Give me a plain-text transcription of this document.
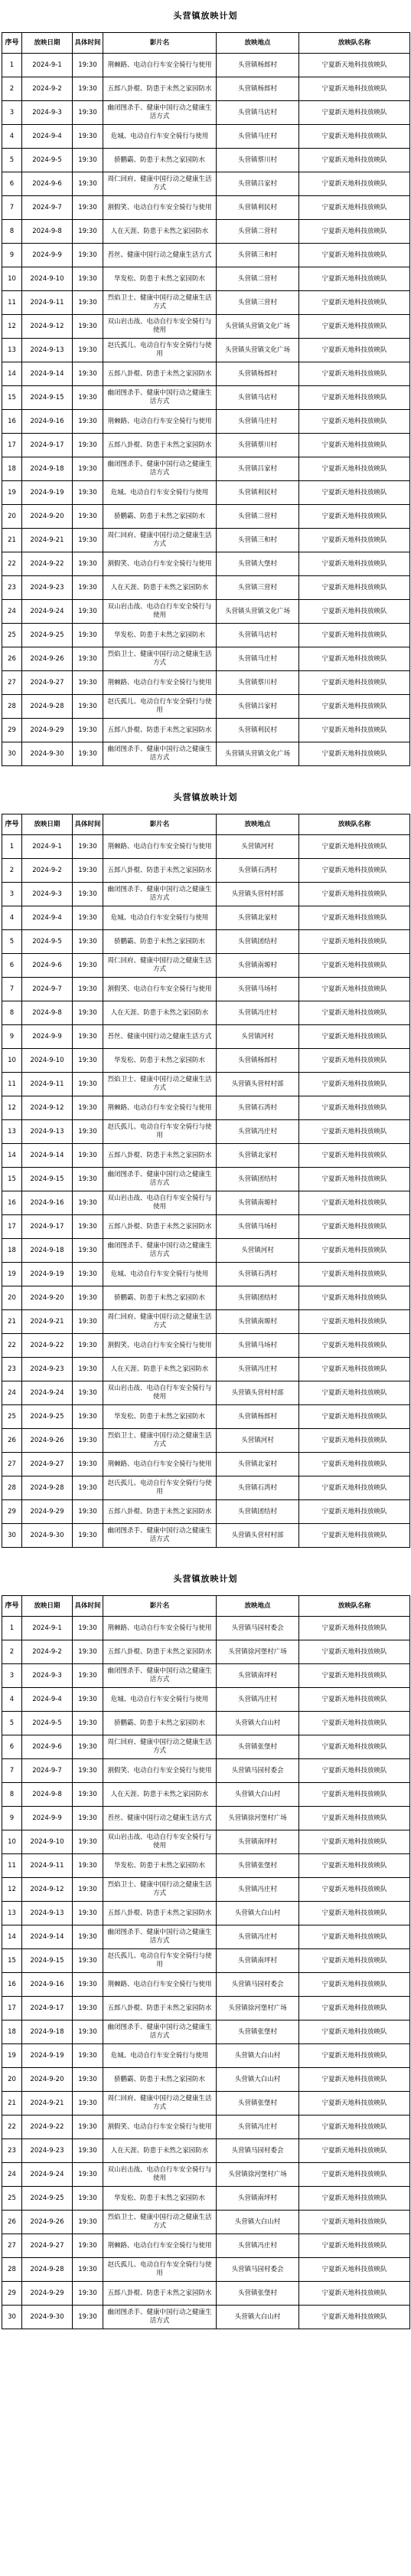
头营镇放映计划
序号	放映日期	具体时间	影片名	放映地点	放映队名称
1	2024-9-1	19:30	荆棘路、电动自行车安全骑行与使用	头营镇杨郎村	宁夏新天地科技放映队
2	2024-9-2	19:30	五郎八卦棍、防患于未然之家园防水	头营镇杨郎村	宁夏新天地科技放映队
3	2024-9-3	19:30	幽闭图杀手、健康中国行动之健康生活方式	头营镇马店村	宁夏新天地科技放映队
4	2024-9-4	19:30	危城、电动自行车安全骑行与使用	头营镇马庄村	宁夏新天地科技放映队
5	2024-9-5	19:30	骄鹏霸、防患于未然之家园防水	头营镇蔡川村	宁夏新天地科技放映队
6	2024-9-6	19:30	周仁回府、健康中国行动之健康生活方式	头营镇吕家村	宁夏新天地科技放映队
7	2024-9-7	19:30	割假笑、电动自行车安全骑行与使用	头营镇利民村	宁夏新天地科技放映队
8	2024-9-8	19:30	人在天涯、防患于未然之家园防水	头营镇二营村	宁夏新天地科技放映队
9	2024-9-9	19:30	苔丝、健康中国行动之健康生活方式	头营镇三和村	宁夏新天地科技放映队
10	2024-9-10	19:30	华发松、防患于未然之家园防水	头营镇二营村	宁夏新天地科技放映队
11	2024-9-11	19:30	烈焰卫士、健康中国行动之健康生活方式	头营镇三营村	宁夏新天地科技放映队
12	2024-9-12	19:30	双山岩击战、电动自行车安全骑行与使用	头营镇头营镇文化广场	宁夏新天地科技放映队
13	2024-9-13	19:30	赵氏孤儿、电动自行车安全骑行与使用	头营镇头营镇文化广场	宁夏新天地科技放映队
14	2024-9-14	19:30	五郎八卦棍、防患于未然之家园防水	头营镇杨郎村	宁夏新天地科技放映队
15	2024-9-15	19:30	幽闭图杀手、健康中国行动之健康生活方式	头营镇马店村	宁夏新天地科技放映队
16	2024-9-16	19:30	荆棘路、电动自行车安全骑行与使用	头营镇马庄村	宁夏新天地科技放映队
17	2024-9-17	19:30	五郎八卦棍、防患于未然之家园防水	头营镇蔡川村	宁夏新天地科技放映队
18	2024-9-18	19:30	幽闭图杀手、健康中国行动之健康生活方式	头营镇吕家村	宁夏新天地科技放映队
19	2024-9-19	19:30	危城、电动自行车安全骑行与使用	头营镇利民村	宁夏新天地科技放映队
20	2024-9-20	19:30	骄鹏霸、防患于未然之家园防水	头营镇二营村	宁夏新天地科技放映队
21	2024-9-21	19:30	周仁回府、健康中国行动之健康生活方式	头营镇三和村	宁夏新天地科技放映队
22	2024-9-22	19:30	割假笑、电动自行车安全骑行与使用	头营镇大堡村	宁夏新天地科技放映队
23	2024-9-23	19:30	人在天涯、防患于未然之家园防水	头营镇三营村	宁夏新天地科技放映队
24	2024-9-24	19:30	双山岩击战、电动自行车安全骑行与使用	头营镇头营镇文化广场	宁夏新天地科技放映队
25	2024-9-25	19:30	华发松、防患于未然之家园防水	头营镇马店村	宁夏新天地科技放映队
26	2024-9-26	19:30	烈焰卫士、健康中国行动之健康生活方式	头营镇马庄村	宁夏新天地科技放映队
27	2024-9-27	19:30	荆棘路、电动自行车安全骑行与使用	头营镇蔡川村	宁夏新天地科技放映队
28	2024-9-28	19:30	赵氏孤儿、电动自行车安全骑行与使用	头营镇吕家村	宁夏新天地科技放映队
29	2024-9-29	19:30	五郎八卦棍、防患于未然之家园防水	头营镇利民村	宁夏新天地科技放映队
30	2024-9-30	19:30	幽闭图杀手、健康中国行动之健康生活方式	头营镇头营镇文化广场	宁夏新天地科技放映队
头营镇放映计划
序号	放映日期	具体时间	影片名	放映地点	放映队名称
1	2024-9-1	19:30	荆棘路、电动自行车安全骑行与使用	头营镇河村	宁夏新天地科技放映队
2	2024-9-2	19:30	五郎八卦棍、防患于未然之家园防水	头营镇石湾村	宁夏新天地科技放映队
3	2024-9-3	19:30	幽闭图杀手、健康中国行动之健康生活方式	头营镇头营村村部	宁夏新天地科技放映队
4	2024-9-4	19:30	危城、电动自行车安全骑行与使用	头营镇北家村	宁夏新天地科技放映队
5	2024-9-5	19:30	骄鹏霸、防患于未然之家园防水	头营镇团结村	宁夏新天地科技放映队
6	2024-9-6	19:30	周仁回府、健康中国行动之健康生活方式	头营镇南塬村	宁夏新天地科技放映队
7	2024-9-7	19:30	割假笑、电动自行车安全骑行与使用	头营镇马场村	宁夏新天地科技放映队
8	2024-9-8	19:30	人在天涯、防患于未然之家园防水	头营镇冯庄村	宁夏新天地科技放映队
9	2024-9-9	19:30	苔丝、健康中国行动之健康生活方式	头营镇河村	宁夏新天地科技放映队
10	2024-9-10	19:30	华发松、防患于未然之家园防水	头营镇杨郎村	宁夏新天地科技放映队
11	2024-9-11	19:30	烈焰卫士、健康中国行动之健康生活方式	头营镇头营村村部	宁夏新天地科技放映队
12	2024-9-12	19:30	荆棘路、电动自行车安全骑行与使用	头营镇石湾村	宁夏新天地科技放映队
13	2024-9-13	19:30	赵氏孤儿、电动自行车安全骑行与使用	头营镇冯庄村	宁夏新天地科技放映队
14	2024-9-14	19:30	五郎八卦棍、防患于未然之家园防水	头营镇北家村	宁夏新天地科技放映队
15	2024-9-15	19:30	幽闭图杀手、健康中国行动之健康生活方式	头营镇团结村	宁夏新天地科技放映队
16	2024-9-16	19:30	双山岩击战、电动自行车安全骑行与使用	头营镇南塬村	宁夏新天地科技放映队
17	2024-9-17	19:30	五郎八卦棍、防患于未然之家园防水	头营镇马场村	宁夏新天地科技放映队
18	2024-9-18	19:30	幽闭图杀手、健康中国行动之健康生活方式	头营镇河村	宁夏新天地科技放映队
19	2024-9-19	19:30	危城、电动自行车安全骑行与使用	头营镇石湾村	宁夏新天地科技放映队
20	2024-9-20	19:30	骄鹏霸、防患于未然之家园防水	头营镇团结村	宁夏新天地科技放映队
21	2024-9-21	19:30	周仁回府、健康中国行动之健康生活方式	头营镇南塬村	宁夏新天地科技放映队
22	2024-9-22	19:30	割假笑、电动自行车安全骑行与使用	头营镇马场村	宁夏新天地科技放映队
23	2024-9-23	19:30	人在天涯、防患于未然之家园防水	头营镇冯庄村	宁夏新天地科技放映队
24	2024-9-24	19:30	双山岩击战、电动自行车安全骑行与使用	头营镇头营村村部	宁夏新天地科技放映队
25	2024-9-25	19:30	华发松、防患于未然之家园防水	头营镇杨郎村	宁夏新天地科技放映队
26	2024-9-26	19:30	烈焰卫士、健康中国行动之健康生活方式	头营镇河村	宁夏新天地科技放映队
27	2024-9-27	19:30	荆棘路、电动自行车安全骑行与使用	头营镇北家村	宁夏新天地科技放映队
28	2024-9-28	19:30	赵氏孤儿、电动自行车安全骑行与使用	头营镇石湾村	宁夏新天地科技放映队
29	2024-9-29	19:30	五郎八卦棍、防患于未然之家园防水	头营镇团结村	宁夏新天地科技放映队
30	2024-9-30	19:30	幽闭图杀手、健康中国行动之健康生活方式	头营镇头营村村部	宁夏新天地科技放映队
头营镇放映计划
序号	放映日期	具体时间	影片名	放映地点	放映队名称
1	2024-9-1	19:30	荆棘路、电动自行车安全骑行与使用	头营镇马园村委会	宁夏新天地科技放映队
2	2024-9-2	19:30	五郎八卦棍、防患于未然之家园防水	头营镇徐河堡村广场	宁夏新天地科技放映队
3	2024-9-3	19:30	幽闭图杀手、健康中国行动之健康生活方式	头营镇南坪村	宁夏新天地科技放映队
4	2024-9-4	19:30	危城、电动自行车安全骑行与使用	头营镇冯庄村	宁夏新天地科技放映队
5	2024-9-5	19:30	骄鹏霸、防患于未然之家园防水	头营镇大白山村	宁夏新天地科技放映队
6	2024-9-6	19:30	周仁回府、健康中国行动之健康生活方式	头营镇张堡村	宁夏新天地科技放映队
7	2024-9-7	19:30	割假笑、电动自行车安全骑行与使用	头营镇马园村委会	宁夏新天地科技放映队
8	2024-9-8	19:30	人在天涯、防患于未然之家园防水	头营镇大白山村	宁夏新天地科技放映队
9	2024-9-9	19:30	苔丝、健康中国行动之健康生活方式	头营镇徐河堡村广场	宁夏新天地科技放映队
10	2024-9-10	19:30	双山岩击战、电动自行车安全骑行与使用	头营镇南坪村	宁夏新天地科技放映队
11	2024-9-11	19:30	华发松、防患于未然之家园防水	头营镇张堡村	宁夏新天地科技放映队
12	2024-9-12	19:30	烈焰卫士、健康中国行动之健康生活方式	头营镇冯庄村	宁夏新天地科技放映队
13	2024-9-13	19:30	五郎八卦棍、防患于未然之家园防水	头营镇大白山村	宁夏新天地科技放映队
14	2024-9-14	19:30	幽闭图杀手、健康中国行动之健康生活方式	头营镇冯庄村	宁夏新天地科技放映队
15	2024-9-15	19:30	赵氏孤儿、电动自行车安全骑行与使用	头营镇南坪村	宁夏新天地科技放映队
16	2024-9-16	19:30	荆棘路、电动自行车安全骑行与使用	头营镇马园村委会	宁夏新天地科技放映队
17	2024-9-17	19:30	五郎八卦棍、防患于未然之家园防水	头营镇徐河堡村广场	宁夏新天地科技放映队
18	2024-9-18	19:30	幽闭图杀手、健康中国行动之健康生活方式	头营镇张堡村	宁夏新天地科技放映队
19	2024-9-19	19:30	危城、电动自行车安全骑行与使用	头营镇大白山村	宁夏新天地科技放映队
20	2024-9-20	19:30	骄鹏霸、防患于未然之家园防水	头营镇大白山村	宁夏新天地科技放映队
21	2024-9-21	19:30	周仁回府、健康中国行动之健康生活方式	头营镇张堡村	宁夏新天地科技放映队
22	2024-9-22	19:30	割假笑、电动自行车安全骑行与使用	头营镇冯庄村	宁夏新天地科技放映队
23	2024-9-23	19:30	人在天涯、防患于未然之家园防水	头营镇马园村委会	宁夏新天地科技放映队
24	2024-9-24	19:30	双山岩击战、电动自行车安全骑行与使用	头营镇徐河堡村广场	宁夏新天地科技放映队
25	2024-9-25	19:30	华发松、防患于未然之家园防水	头营镇南坪村	宁夏新天地科技放映队
26	2024-9-26	19:30	烈焰卫士、健康中国行动之健康生活方式	头营镇大白山村	宁夏新天地科技放映队
27	2024-9-27	19:30	荆棘路、电动自行车安全骑行与使用	头营镇冯庄村	宁夏新天地科技放映队
28	2024-9-28	19:30	赵氏孤儿、电动自行车安全骑行与使用	头营镇马园村委会	宁夏新天地科技放映队
29	2024-9-29	19:30	五郎八卦棍、防患于未然之家园防水	头营镇张堡村	宁夏新天地科技放映队
30	2024-9-30	19:30	幽闭图杀手、健康中国行动之健康生活方式	头营镇大白山村	宁夏新天地科技放映队
